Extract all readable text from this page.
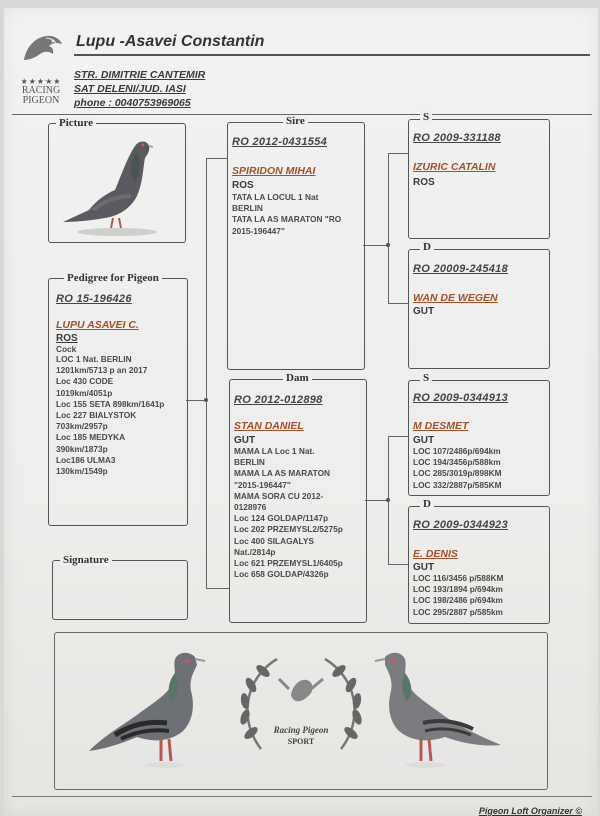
★★★★★
RACING
PIGEON
Lupu -Asavei Constantin
STR. DIMITRIE CANTEMIR
SAT DELENI/JUD. IASI
phone : 0040753969065
Picture
Pedigree for Pigeon
RO 15-196426
LUPU ASAVEI C.
ROS
Cock
LOC 1 Nat. BERLIN
1201km/5713 p an 2017
Loc 430 CODE
1019km/4051p
Loc 155 SETA 898km/1641p
Loc 227 BIALYSTOK
703km/2957p
Loc 185 MEDYKA
390km/1873p
Loc186 ULMA3
130km/1549p
Signature
Sire
RO 2012-0431554
SPIRIDON MIHAI
ROS
TATA LA LOCUL 1 Nat
BERLIN
TATA LA AS MARATON "RO
2015-196447"
Dam
RO 2012-012898
STAN DANIEL
GUT
MAMA LA Loc 1 Nat.
BERLIN
MAMA LA AS MARATON
"2015-196447"
MAMA SORA CU 2012-
0128976
Loc 124 GOLDAP/1147p
Loc 202 PRZEMYSL2/5275p
Loc 400 SILAGALYS
Nat./2814p
Loc 621 PRZEMYSL1/6405p
Loc 658 GOLDAP/4326p
S
RO 2009-331188
IZURIC CATALIN
ROS
D
RO 20009-245418
WAN DE WEGEN
GUT
S
RO 2009-0344913
M DESMET
GUT
LOC 107/2486p/694km
LOC 194/3456p/588km
LOC 285/3019p/898KM
LOC 332/2887p/585KM
D
RO 2009-0344923
E. DENIS
GUT
LOC 116/3456 p/588KM
LOC 193/1894 p/694km
LOC 198/2486 p/694km
LOC 295/2887 p/585km
Racing Pigeon
SPORT
Pigeon Loft Organizer ©
